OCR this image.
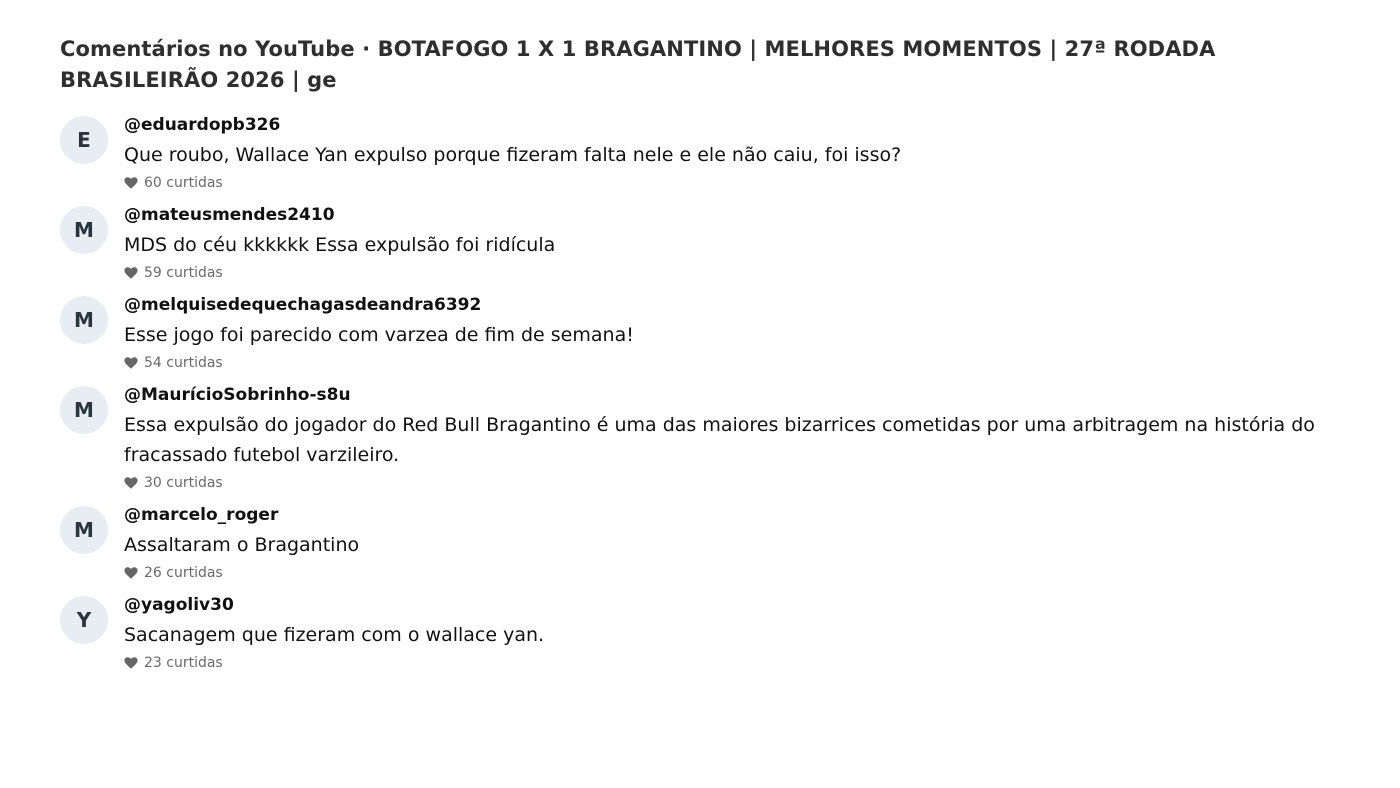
Comentários no YouTube · BOTAFOGO 1 X 1 BRAGANTINO | MELHORES MOMENTOS | 27ª RODADA BRASILEIRÃO 2026 | ge
E
@eduardopb326
Que roubo, Wallace Yan expulso porque fizeram falta nele e ele não caiu, foi isso?
60 curtidas
M
@mateusmendes2410
MDS do céu kkkkkk Essa expulsão foi ridícula
59 curtidas
M
@melquisedequechagasdeandra6392
Esse jogo foi parecido com varzea de fim de semana!
54 curtidas
M
@MaurícioSobrinho-s8u
Essa expulsão do jogador do Red Bull Bragantino é uma das maiores bizarrices cometidas por uma arbitragem na história do fracassado futebol varzileiro.
30 curtidas
M
@marcelo_roger
Assaltaram o Bragantino
26 curtidas
Y
@yagoliv30
Sacanagem que fizeram com o wallace yan.
23 curtidas
